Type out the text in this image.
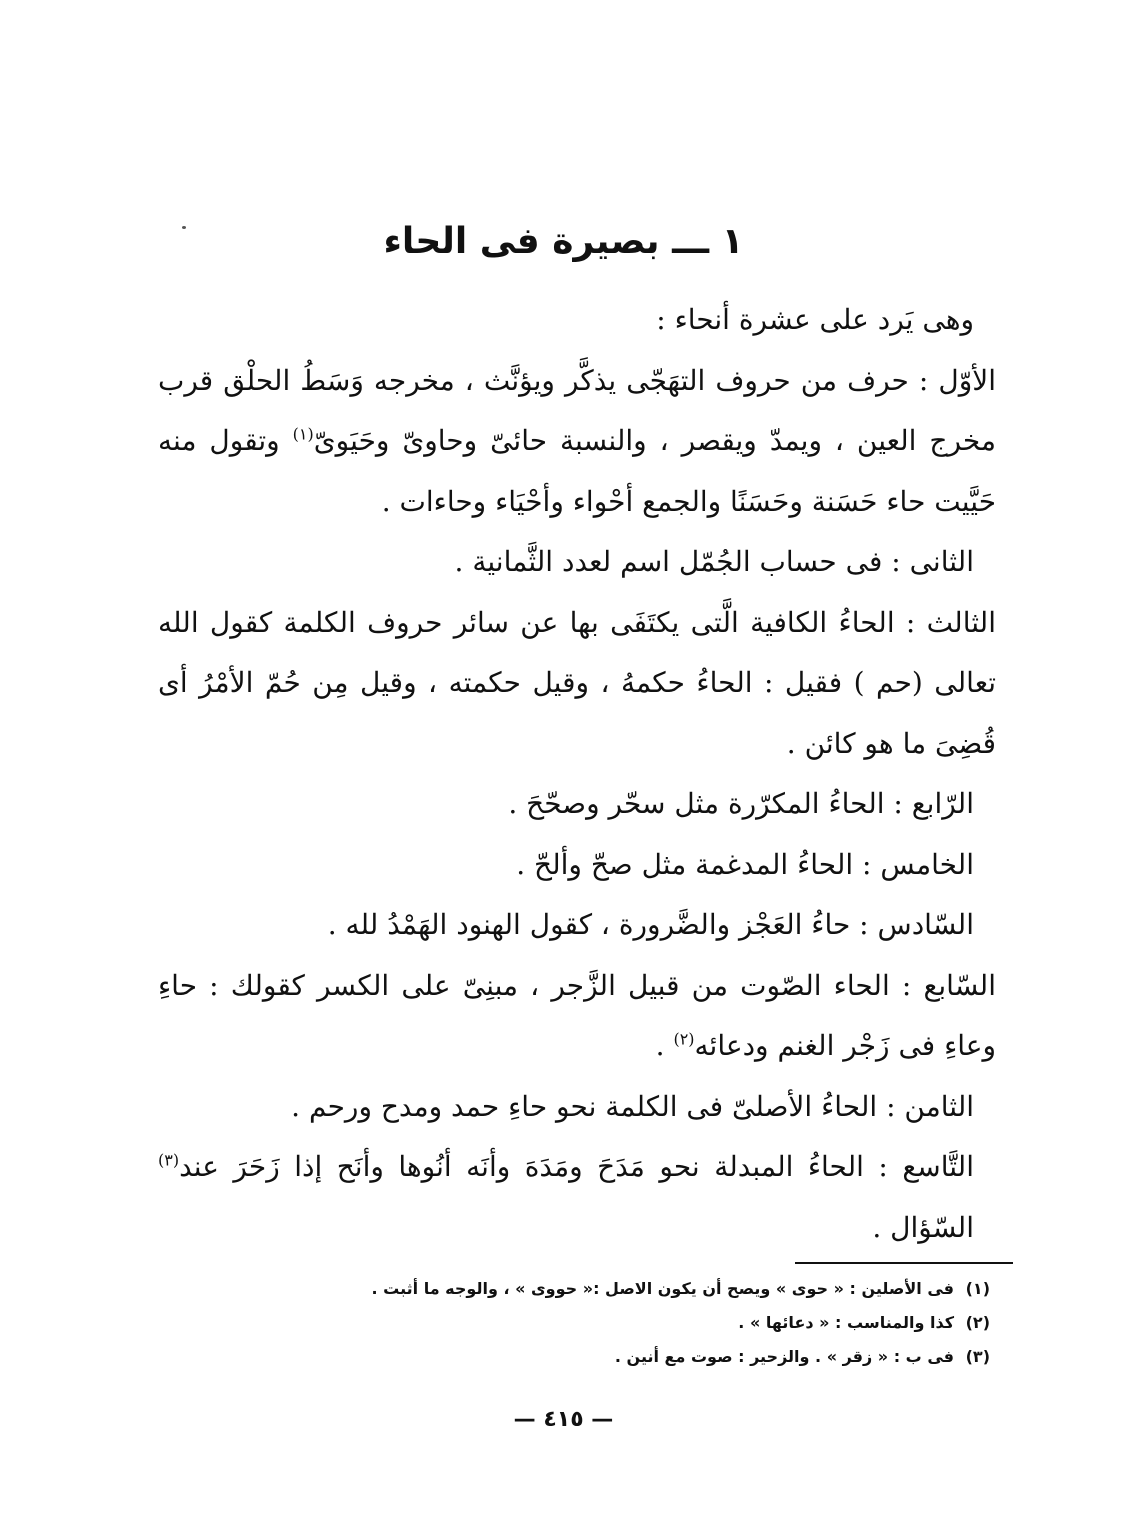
١ ـــ بصيرة فى الحاء

وهى يَرد على عشرة أنحاء :

الأوّل : حرف من حروف التهَجّى يذكَّر ويؤنَّث ، مخرجه وَسَطُ الحلْق قرب مخرج العين ، ويمدّ ويقصر ، والنسبة حائىّ وحاوىّ وحَيَوىّ$^{(١)}$ وتقول منه حَيَّيت حاء حَسَنة وحَسَنًا والجمع أحْواء وأحْيَاء وحاءات .

الثانى : فى حساب الجُمّل اسم لعدد الثَّمانية .

الثالث : الحاءُ الكافية الَّتى يكتَفَى بها عن سائر حروف الكلمة كقول الله تعالى (حم ) فقيل : الحاءُ حكمهُ ، وقيل حكمته ، وقيل مِن حُمّ الأمْرُ أى قُضِىَ ما هو كائن .

الرّابع : الحاءُ المكرّرة مثل سحّر وصحّحَ .

الخامس : الحاءُ المدغمة مثل صحّ وألحّ .

السّادس : حاءُ العَجْز والضَّرورة ، كقول الهنود الهَمْدُ لله .

السّابع : الحاء الصّوت من قبيل الزَّجر ، مبنِىّ على الكسر كقولك : حاءِ وعاءِ فى زَجْر الغنم ودعائه$^{(٢)}$ .

الثامن : الحاءُ الأصلىّ فى الكلمة نحو حاءِ حمد ومدح ورحم .

التَّاسع : الحاءُ المبدلة نحو مَدَحَ ومَدَهَ وأنَه أنُوها وأنَح إذا زَحَرَ عند$^{(٣)}$ السّؤال .

(١)
فى الأصلين : « حوى » ويصح أن يكون الاصل :« حووى » ، والوجه ما أثبت .
(٢)
كذا والمناسب : « دعائها » .
(٣)
فى ب : « زقر » . والزحير : صوت مع أنين .
— ٤١٥ —
